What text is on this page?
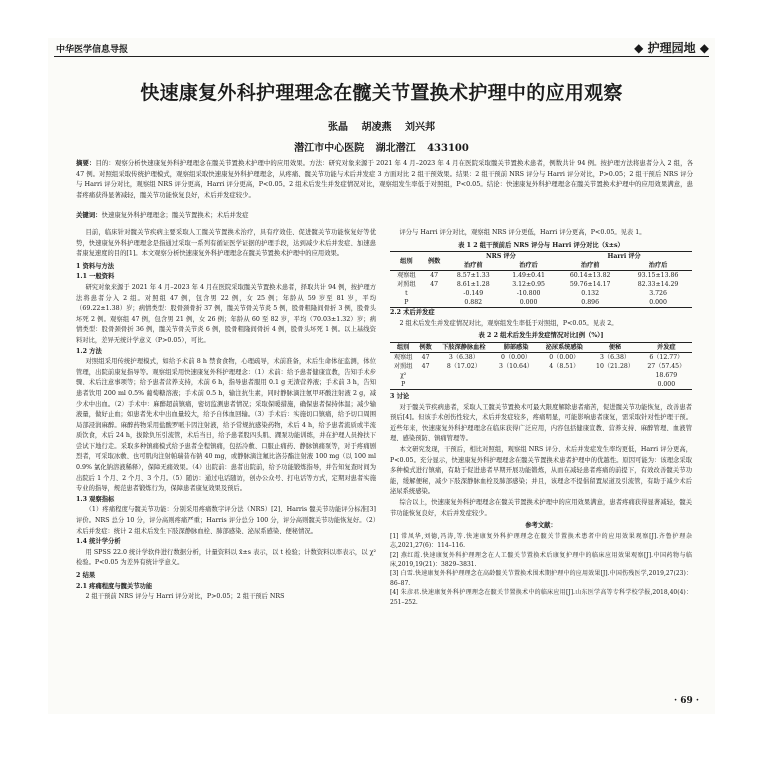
中华医学信息导报	◆ 护理园地 ◆
快速康复外科护理理念在髋关节置换术护理中的应用观察
张晶 胡凌燕 刘兴邦
潜江市中心医院 湖北潜江 433100
摘要：目的：观察分析快速康复外科护理理念在髋关节置换术护理中的应用效果。方法：研究对象来源于 2021 年 4 月–2023 年 4 月在医院采取髋关节置换术患者，例数共计 94 例。按护理方法将患者分入 2 组，各 47 例。对照组采取传统护理模式，观察组采取快速康复外科护理理念，从疼痛、髋关节功能与术后并发症 3 方面对比 2 组干预效果。结果：2 组干预前 NRS 评分与 Harri 评分对比，P>0.05；2 组干预后 NRS 评分与 Harri 评分对比，观察组 NRS 评分更高，Harri 评分更高，P<0.05。2 组术后发生并发症情况对比，观察组发生率低于对照组，P<0.05。结论：快速康复外科护理理念在髋关节置换术护理中的应用效果满意，患者疼痛获得显著减轻，髋关节功能恢复良好，术后并发症较少。
关键词：快速康复外科护理理念；髋关节置换术；术后并发症

目前，临床针对髋关节疾病主要采取人工髋关节置换术治疗，具有疗效佳、促进髋关节功能恢复好等优势，快速康复外科护理理念是指通过采取一系列有循证医学证据的护理手段，达到减少术后并发症、加速患者康复速度的目的[1]。本文观察分析快速康复外科护理理念在髋关节置换术护理中的应用效果。

1 资料与方法
1.1 一般资料

研究对象来源于 2021 年 4 月–2023 年 4 月在医院采取髋关节置换术患者，择取共计 94 例，按护理方法将患者分入 2 组。对照组 47 例，包含男 22 例，女 25 例；年龄从 59 岁至 81 岁，平均（69.22±1.38）岁；病情类型：股骨颈骨折 37 例，髋关节骨关节炎 5 例，股骨粗隆间骨折 3 例，股骨头坏死 2 例。观察组 47 例，包含男 21 例，女 26 例；年龄从 60 至 82 岁，平均（70.03±1.32）岁；病情类型：股骨颈骨折 36 例，髋关节骨关节炎 6 例，股骨粗隆间骨折 4 例，股骨头坏死 1 例。以上基线资料对比，差异无统计学意义（P>0.05），可比。

1.2 方法

对照组采用传统护理模式，如给予术前 8 h 禁食食物，心理疏导，术前准备，术后生命体征监测，体位管理，出院前康复指导等。观察组采用快速康复外科护理理念：（1）术前：给予患者健康宣教，告知手术步骤、术后注意事项等；给予患者营养支持，术前 6 h，指导患者服用 0.1 g 无渣营养液；手术前 3 h，告知患者饮用 200 ml 0.5% 葡萄糖溶液；手术前 0.5 h，输注抗生素，同时静脉滴注氨甲环酸注射液 2 g，减少术中出血。（2）手术中：麻醉超前镇痛，密切监测患者情况；采取保暖措施，确保患者保持体温；减少输液量，做好止血；如患者先术中出血量较大，给予自体血回输。（3）手术后：实施切口镇痛，给予切口周围局部浸润麻醉。麻醉药物采用盐酸罗哌卡因注射液，给予常规抗感染药物，术后 4 h，给予患者流质或半流质饮食，术后 24 h，拔除负压引流管，术后当日，给予患者股四头肌、踝泵功能训练，并在护理人员搀扶下尝试下地行走。采取多种镇痛模式给予患者全程镇痛，包括冷敷、口服止痛药、静脉镇痛泵等，对于疼痛剧烈者，可采取冰敷、也可肌肉注射帕瑞昔布钠 40 mg，或静脉滴注氟比洛芬酯注射液 100 mg（以 100 ml 0.9% 氯化钠溶液稀释），保障无痛效果。（4）出院前：患者出院前，给予功能锻炼指导，并告知复查时间为出院后 1 个月、2 个月、3 个月。（5）随访：通过电话随访，创办公众号、打电话等方式，定期对患者实施专业的指导，规范患者锻炼行为，保障患者康复效果及预后。

1.3 观察指标

（1）疼痛程度与髋关节功能：分别采用疼痛数字评分法（NRS）[2]、Harris 髋关节功能评分标准[3]评价。NRS 总分 10 分，评分高则疼痛严重；Harris 评分总分 100 分，评分高则髋关节功能恢复好。（2）术后并发症：统计 2 组术后发生下肢深静脉血栓、肺部感染、泌尿系感染、便秘情况。

1.4 统计学分析

用 SPSS 22.0 统计学软件进行数据分析，计量资料以 x̄±s 表示，以 t 检验；计数资料以率表示，以 χ² 检验。P<0.05 为差异有统计学意义。

2 结果
2.1 疼痛程度与髋关节功能

2 组干预前 NRS 评分与 Harri 评分对比，P>0.05；2 组干预后 NRS

评分与 Harri 评分对比，观察组 NRS 评分更低，Harri 评分更高，P<0.05。见表 1。

表 1 2 组干预前后 NRS 评分与 Harri 评分对比（x̄±s）
组别	例数	NRS 评分		Harri 评分	
		治疗前	治疗后	治疗前	治疗后
观察组	47	8.57±1.33	1.49±0.41	60.14±13.82	93.15±13.86
对照组	47	8.61±1.28	3.12±0.95	59.76±14.17	82.33±14.29
t		-0.149	-10.800	0.132	3.726
P		0.882	0.000	0.896	0.000
2.2 术后并发症

2 组术后发生并发症情况对比，观察组发生率低于对照组，P<0.05。见表 2。

表 2 2 组术后发生并发症情况对比[例（%）]
组别	例数	下肢深静脉血栓	肺部感染	泌尿系统感染	便秘	并发症
观察组	47	3（6.38）	0（0.00）	0（0.00）	3（6.38）	6（12.77）
对照组	47	8（17.02）	3（10.64）	4（8.51）	10（21.28）	27（57.45）
χ²						18.679
P						0.000
3 讨论

对于髋关节疾病患者，采取人工髋关节置换术可最大限度解除患者痛苦，促进髋关节功能恢复，改善患者预后[4]。但该手术创伤性较大，术后并发症较多，疼痛明显，可能影响患者康复，需采取针对性护理干预。近些年来，快速康复外科护理理念在临床获得广泛应用，内容包括健康宣教、营养支持、麻醉管理、血液管理、感染预防、镇痛管理等。

本文研究发现，干预后，相比对照组，观察组 NRS 评分、术后并发症发生率均更低，Harri 评分更高，P<0.05。充分显示，快速康复外科护理理念在髋关节置换术患者护理中的优越性。原因可能为：该理念采取多种模式进行镇痛，有助于促进患者早期开展功能锻炼，从而在减轻患者疼痛的前提下，有效改善髋关节功能，缓解便秘，减少下肢深静脉血栓及肺部感染；并且，该理念不提倡留置尿道及引流管，有助于减少术后泌尿系统感染。

综合以上，快速康复外科护理理念在髋关节置换术护理中的应用效果满意，患者疼痛获得显著减轻，髋关节功能恢复良好，术后并发症较少。

参考文献：

[1] 常凤华,刘德,冯涛,等.快速康复外科护理理念在髋关节置换术患者中的应用效果观察[J].齐鲁护理杂志,2021,27(6)：114–116.

[2] 燕红霞.快速康复外科护理理念在人工髋关节置换术后康复护理中的临床应用效果观察[J].中国药物与临床,2019,19(21)：3829–3831.

[3] 白雪.快速康复外科护理理念在高龄髋关节置换术围术期护理中的应用效果[J].中国伤残医学,2019,27(23)：86–87.

[4] 朱彦君.快速康复外科护理理念在髋关节置换术中的临床应用[J].山东医学高等专科学校学报,2018,40(4)：251–252.

· 69 ·
